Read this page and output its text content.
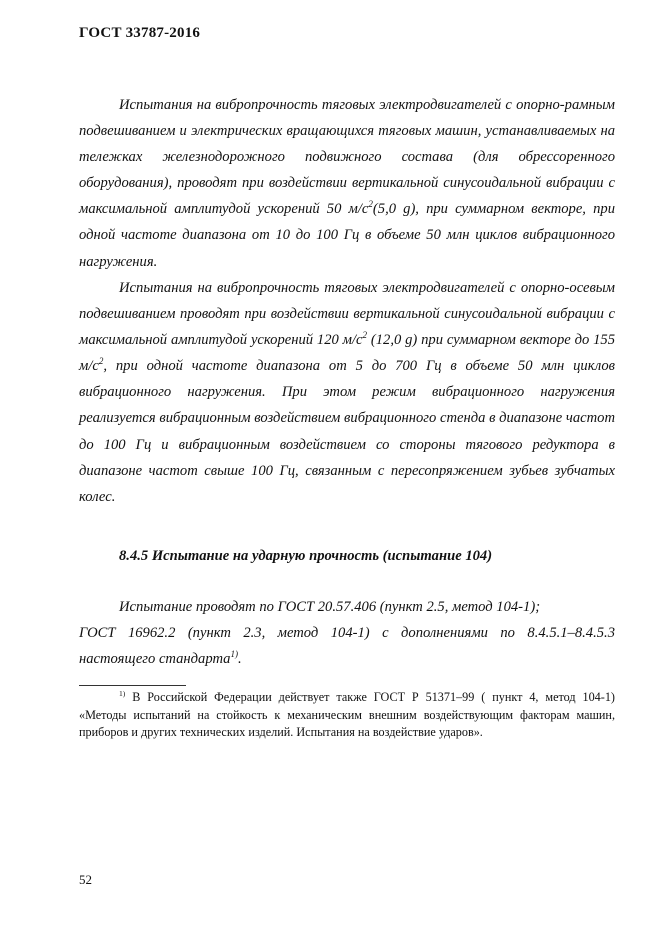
ГОСТ 33787-2016

Испытания на вибропрочность тяговых электродвигателей с опорно-рамным подвешиванием и электрических вращающихся тяговых машин, устанавливаемых на тележках железнодорожного подвижного состава (для обрессоренного оборудования), проводят при воздействии вертикальной синусоидальной вибрации с максимальной амплитудой ускорений 50 $м/с^2(5,0$ g), при суммарном векторе, при одной частоте диапазона от 10 до 100 Гц в объеме 50 млн циклов вибрационного нагружения.

Испытания на вибропрочность тяговых электродвигателей с опорно-осевым подвешиванием проводят при воздействии вертикальной синусоидальной вибрации с максимальной амплитудой ускорений 120 $м/с^2$ (12,0 g) при суммарном векторе до 155 $м/с^2$, при одной частоте диапазона от 5 до 700 Гц в объеме 50 млн циклов вибрационного нагружения. При этом режим вибрационного нагружения реализуется вибрационным воздействием вибрационного стенда в диапазоне частот до 100 Гц и вибрационным воздействием со стороны тягового редуктора в диапазоне частот свыше 100 Гц, связанным с пересопряжением зубьев зубчатых колес.

8.4.5 Испытание на ударную прочность (испытание 104)

Испытание проводят по ГОСТ 20.57.406 (пункт 2.5, метод 104-1);
ГОСТ 16962.2 (пункт 2.3, метод 104-1) с дополнениями по 8.4.5.1–8.4.5.3 настоящего стандарта$^{1)}$.

$^{1)}$ В Российской Федерации действует также ГОСТ Р 51371–99 ( пункт 4, метод 104-1) «Методы испытаний на стойкость к механическим внешним воздействующим факторам машин, приборов и других технических изделий. Испытания на воздействие ударов».

52
